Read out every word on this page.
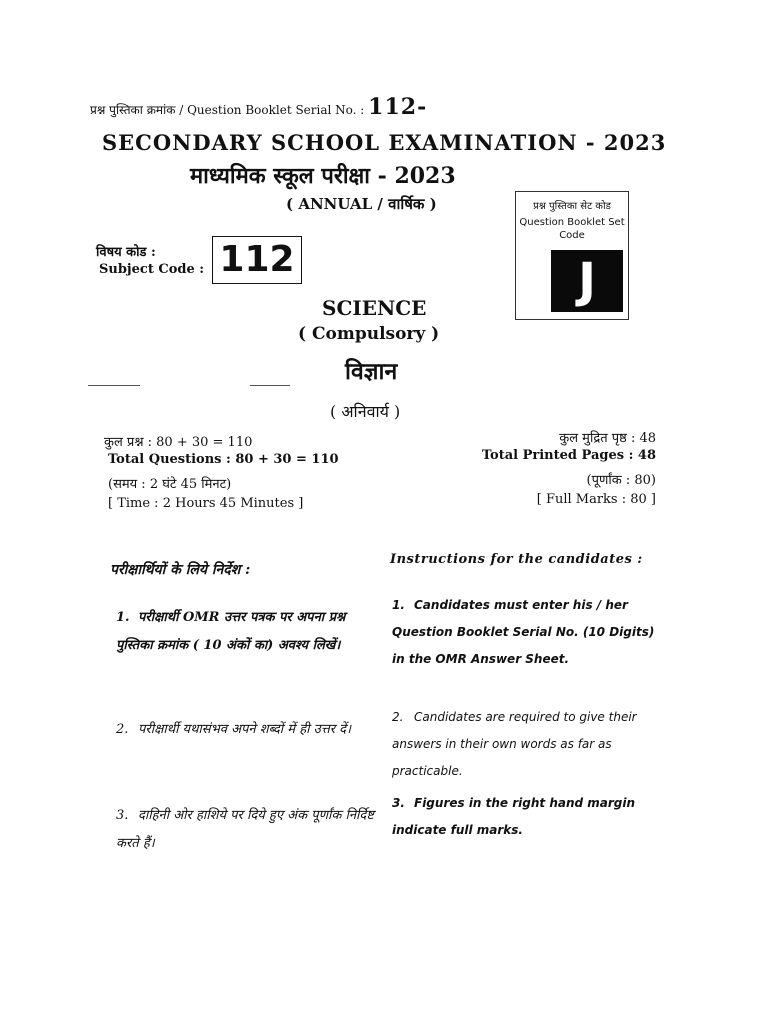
प्रश्न पुस्तिका क्रमांक / Question Booklet Serial No. : 112-
SECONDARY SCHOOL EXAMINATION - 2023
माध्यमिक स्कूल परीक्षा - 2023
( ANNUAL / वार्षिक )	प्रश्न पुस्तिका सेट कोड
Question Booklet Set Code
J
विषय कोड :
Subject Code : 112
SCIENCE
( Compulsory )
विज्ञान
( अनिवार्य )
कुल प्रश्न : 80 + 30 = 110
Total Questions : 80 + 30 = 110
(समय : 2 घंटे 45 मिनट)
[ Time : 2 Hours 45 Minutes ]
कुल मुद्रित पृष्ठ : 48
Total Printed Pages : 48
(पूर्णांक : 80)
[ Full Marks : 80 ]
परीक्षार्थियों के लिये निर्देश :
Instructions for the candidates :
1. परीक्षार्थी OMR उत्तर पत्रक पर अपना प्रश्न पुस्तिका क्रमांक ( 10 अंकों का) अवश्य लिखें।
2. परीक्षार्थी यथासंभव अपने शब्दों में ही उत्तर दें।
3. दाहिनी ओर हाशिये पर दिये हुए अंक पूर्णांक निर्दिष्ट करते हैं।
1. Candidates must enter his / her Question Booklet Serial No. (10 Digits) in the OMR Answer Sheet.
2. Candidates are required to give their answers in their own words as far as practicable.
3. Figures in the right hand margin indicate full marks.
